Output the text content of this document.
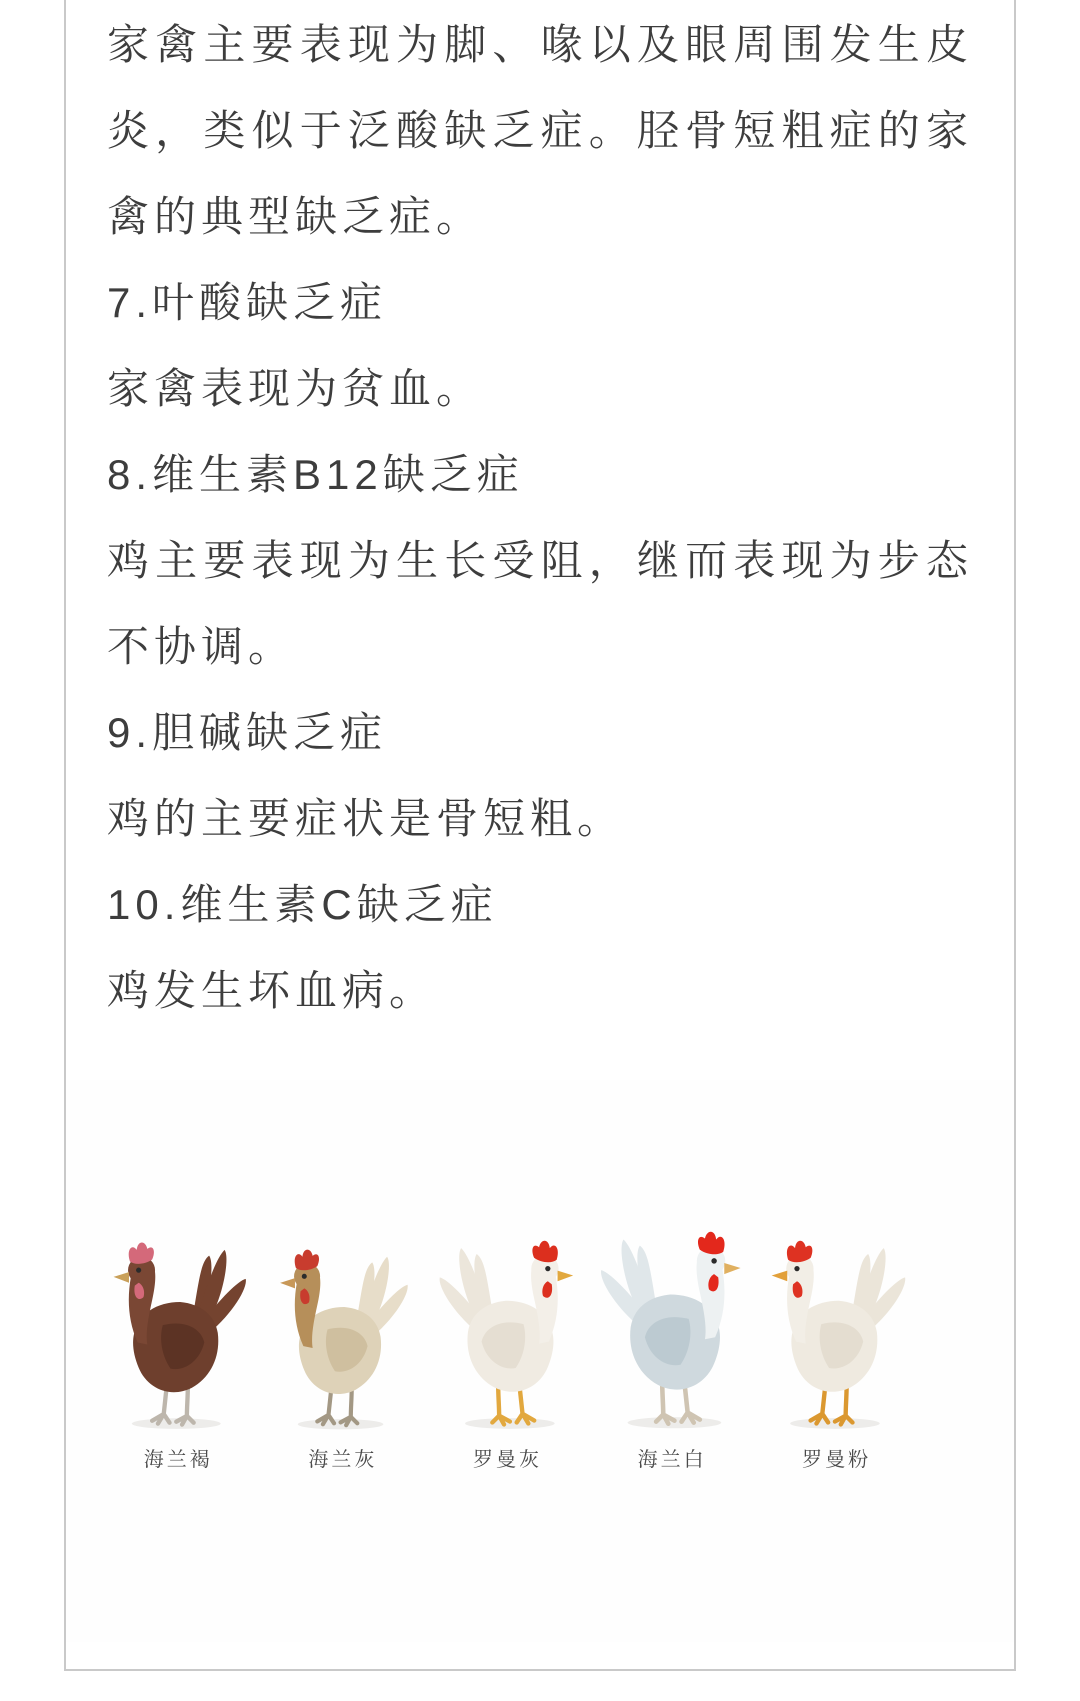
家禽主要表现为脚、喙以及眼周围发生皮炎，类似于泛酸缺乏症。胫骨短粗症的家禽的典型缺乏症。

7.叶酸缺乏症

家禽表现为贫血。

8.维生素B12缺乏症

鸡主要表现为生长受阻，继而表现为步态不协调。

9.胆碱缺乏症

鸡的主要症状是骨短粗。

10.维生素C缺乏症

鸡发生坏血病。

海兰褐	海兰灰	罗曼灰	海兰白	罗曼粉
